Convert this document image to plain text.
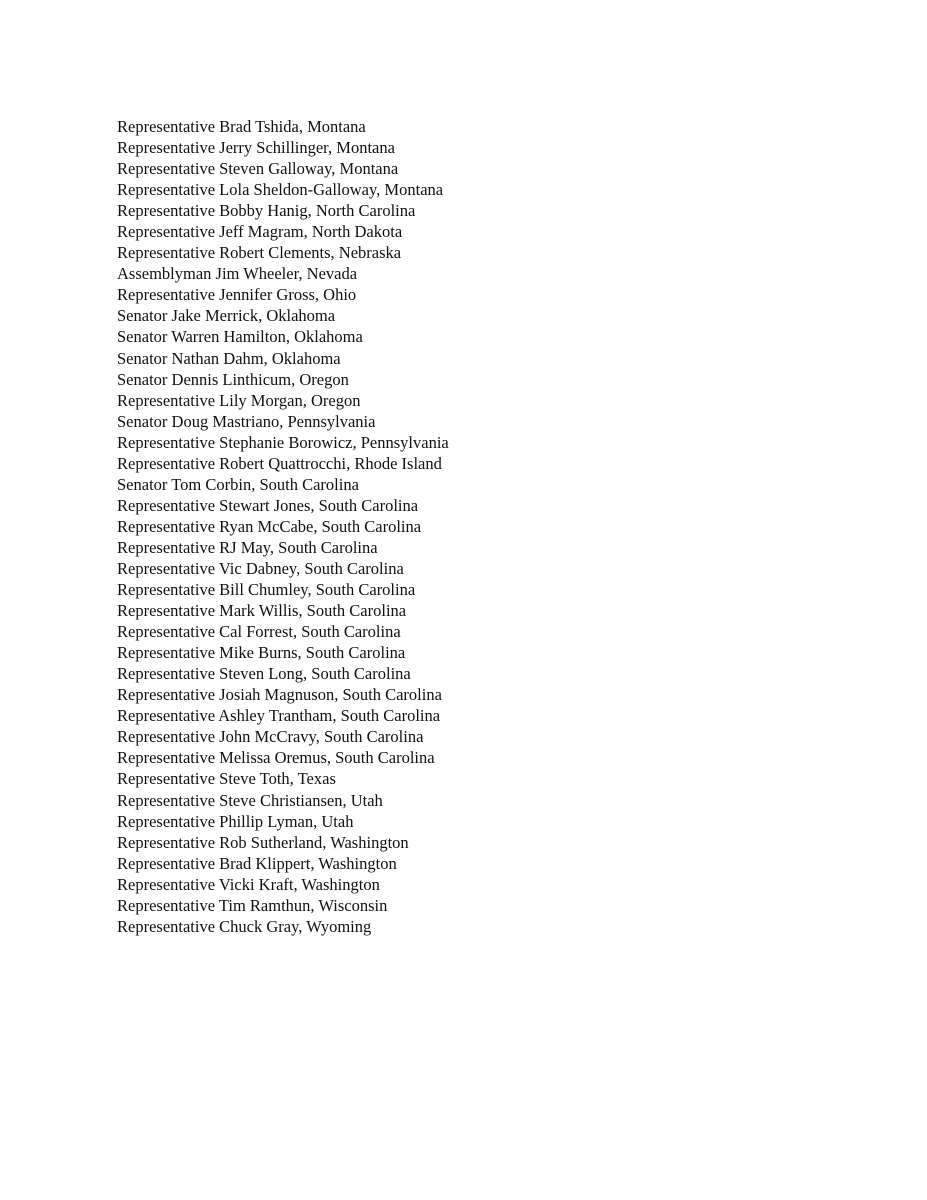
Representative Brad Tshida, Montana
Representative Jerry Schillinger, Montana
Representative Steven Galloway, Montana
Representative Lola Sheldon-Galloway, Montana
Representative Bobby Hanig, North Carolina
Representative Jeff Magram, North Dakota
Representative Robert Clements, Nebraska
Assemblyman Jim Wheeler, Nevada
Representative Jennifer Gross, Ohio
Senator Jake Merrick, Oklahoma
Senator Warren Hamilton, Oklahoma
Senator Nathan Dahm, Oklahoma
Senator Dennis Linthicum, Oregon
Representative Lily Morgan, Oregon
Senator Doug Mastriano, Pennsylvania
Representative Stephanie Borowicz, Pennsylvania
Representative Robert Quattrocchi, Rhode Island
Senator Tom Corbin, South Carolina
Representative Stewart Jones, South Carolina
Representative Ryan McCabe, South Carolina
Representative RJ May, South Carolina
Representative Vic Dabney, South Carolina
Representative Bill Chumley, South Carolina
Representative Mark Willis, South Carolina
Representative Cal Forrest, South Carolina
Representative Mike Burns, South Carolina
Representative Steven Long, South Carolina
Representative Josiah Magnuson, South Carolina
Representative Ashley Trantham, South Carolina
Representative John McCravy, South Carolina
Representative Melissa Oremus, South Carolina
Representative Steve Toth, Texas
Representative Steve Christiansen, Utah
Representative Phillip Lyman, Utah
Representative Rob Sutherland, Washington
Representative Brad Klippert, Washington
Representative Vicki Kraft, Washington
Representative Tim Ramthun, Wisconsin
Representative Chuck Gray, Wyoming
